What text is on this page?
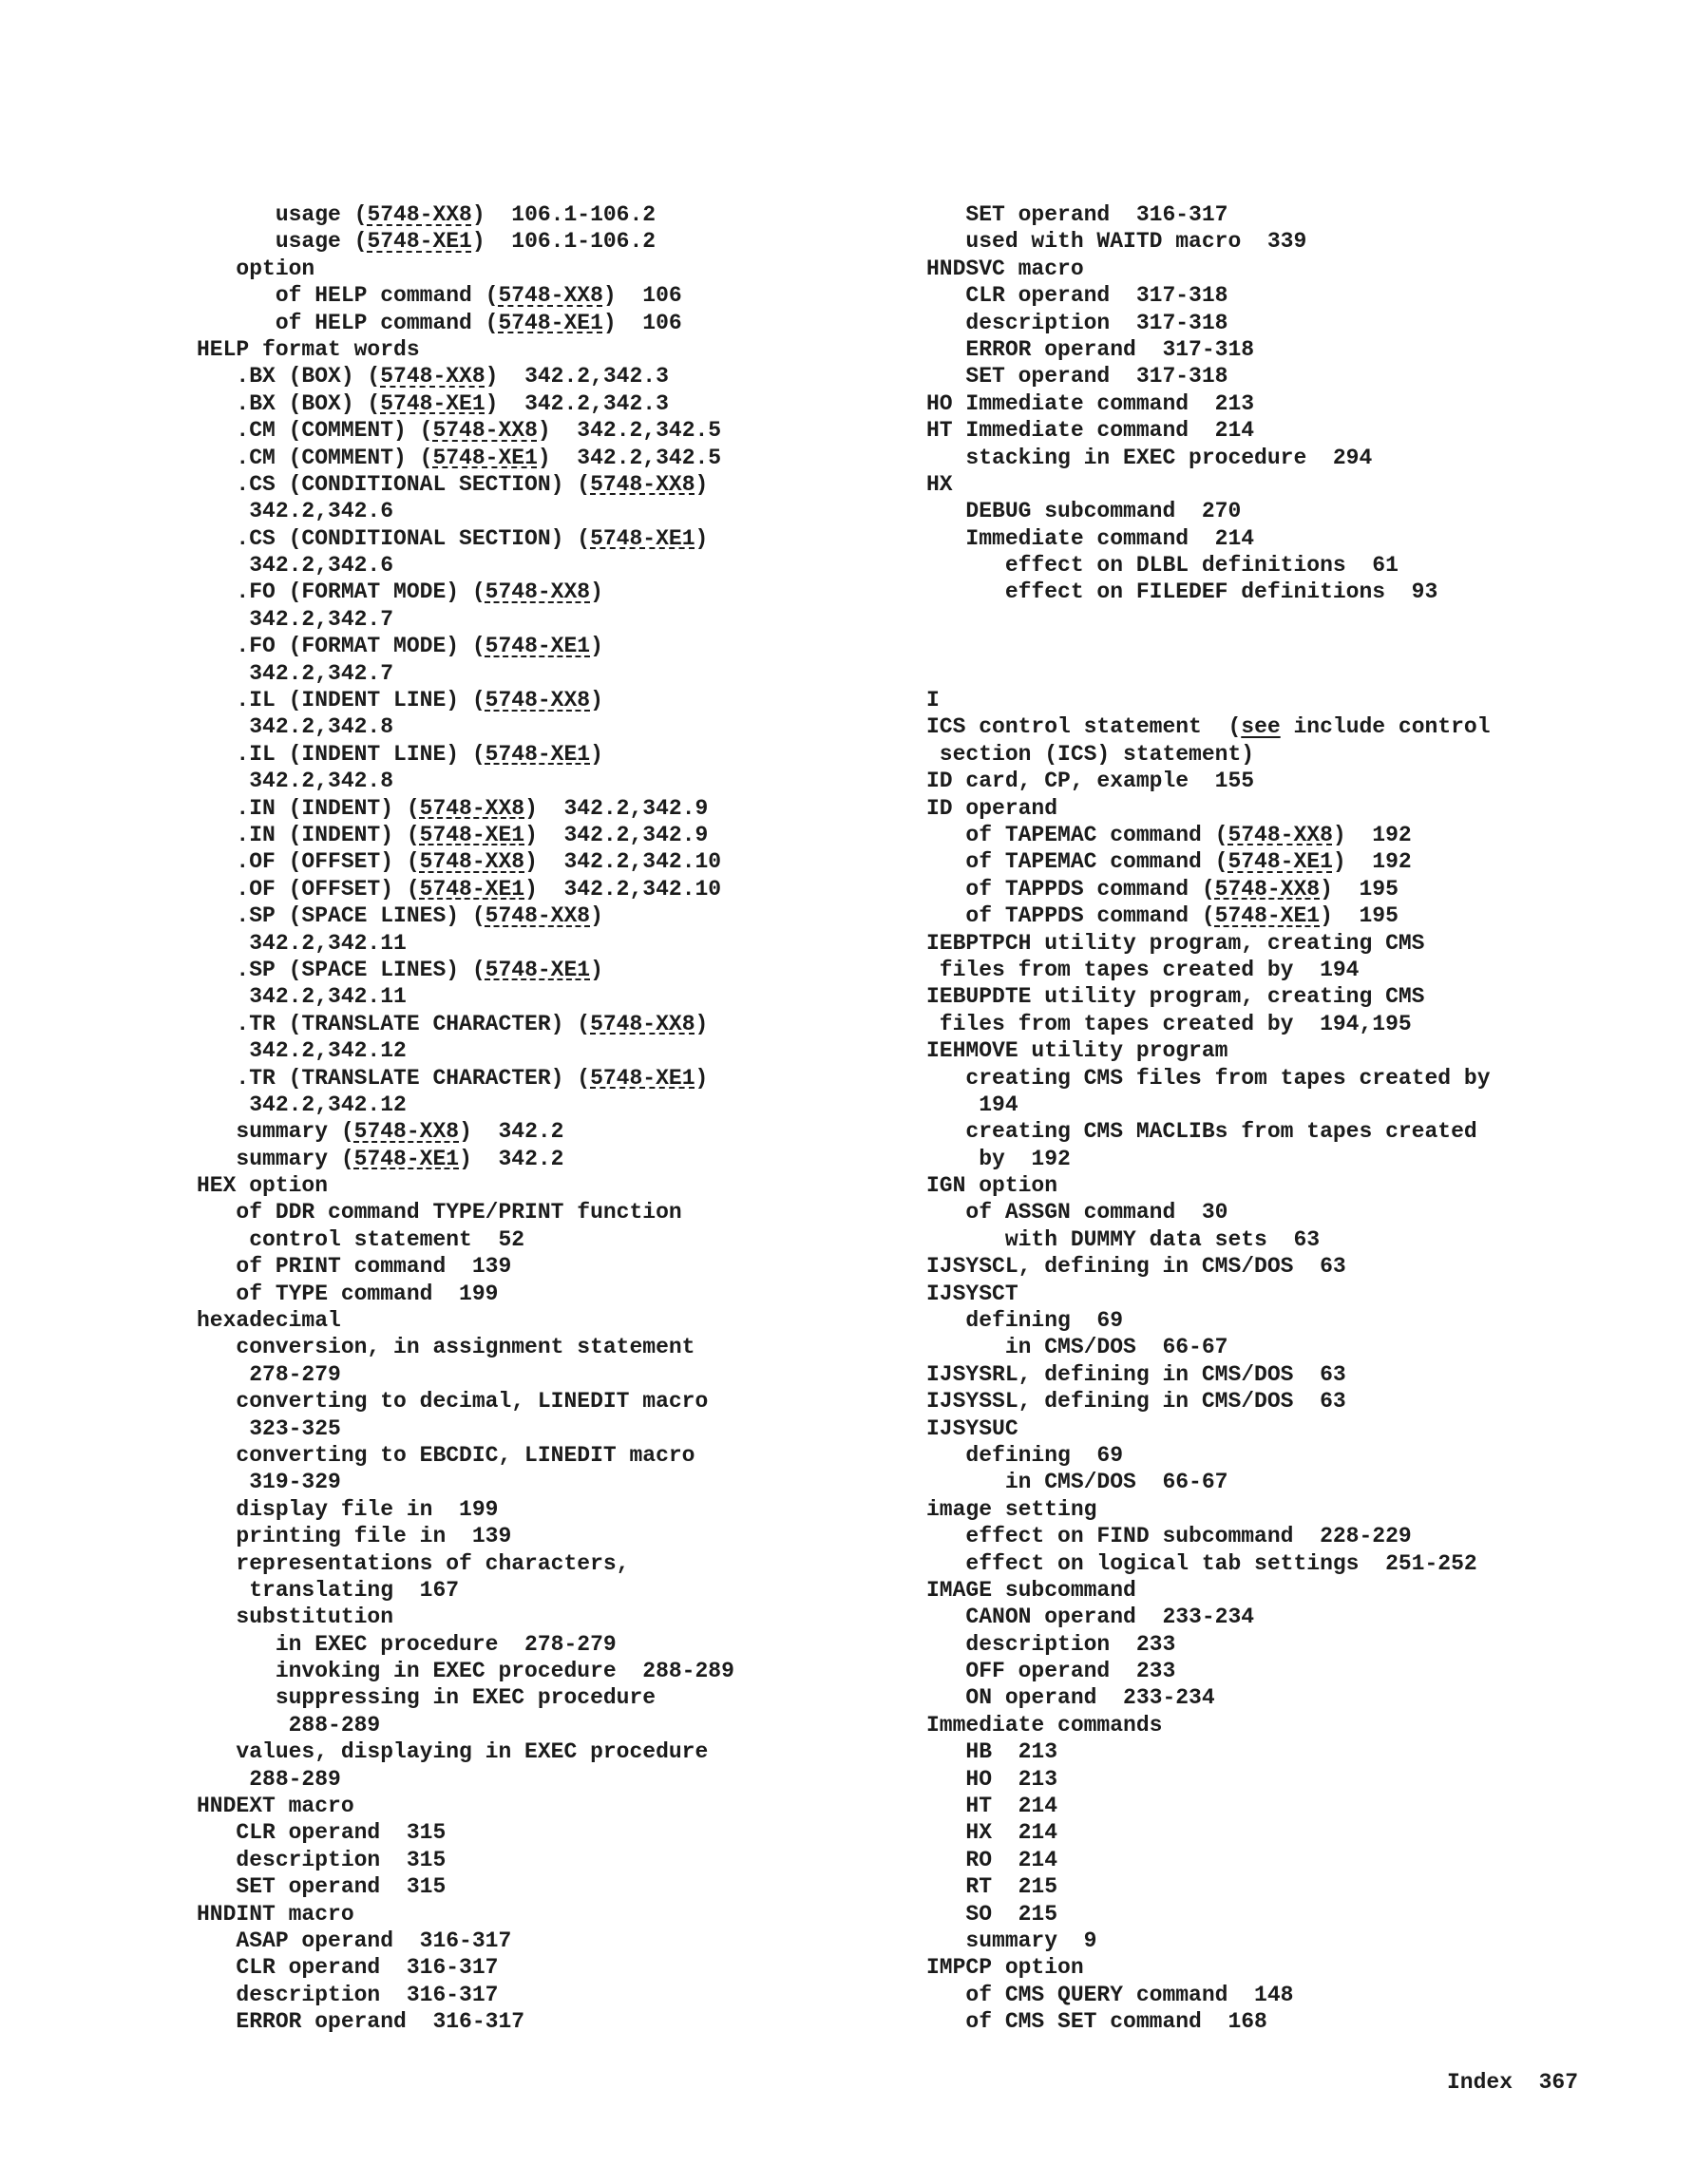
usage (5748-XX8)  106.1-106.2
usage (5748-XE1)  106.1-106.2
option
of HELP command (5748-XX8)  106
of HELP command (5748-XE1)  106
HELP format words
.BX (BOX) (5748-XX8)  342.2,342.3
.BX (BOX) (5748-XE1)  342.2,342.3
.CM (COMMENT) (5748-XX8)  342.2,342.5
.CM (COMMENT) (5748-XE1)  342.2,342.5
.CS (CONDITIONAL SECTION) (5748-XX8)
342.2,342.6
.CS (CONDITIONAL SECTION) (5748-XE1)
342.2,342.6
.FO (FORMAT MODE) (5748-XX8)
342.2,342.7
.FO (FORMAT MODE) (5748-XE1)
342.2,342.7
.IL (INDENT LINE) (5748-XX8)
342.2,342.8
.IL (INDENT LINE) (5748-XE1)
342.2,342.8
.IN (INDENT) (5748-XX8)  342.2,342.9
.IN (INDENT) (5748-XE1)  342.2,342.9
.OF (OFFSET) (5748-XX8)  342.2,342.10
.OF (OFFSET) (5748-XE1)  342.2,342.10
.SP (SPACE LINES) (5748-XX8)
342.2,342.11
.SP (SPACE LINES) (5748-XE1)
342.2,342.11
.TR (TRANSLATE CHARACTER) (5748-XX8)
342.2,342.12
.TR (TRANSLATE CHARACTER) (5748-XE1)
342.2,342.12
summary (5748-XX8)  342.2
summary (5748-XE1)  342.2
HEX option
of DDR command TYPE/PRINT function
control statement  52
of PRINT command  139
of TYPE command  199
hexadecimal
conversion, in assignment statement
278-279
converting to decimal, LINEDIT macro
323-325
converting to EBCDIC, LINEDIT macro
319-329
display file in  199
printing file in  139
representations of characters,
translating  167
substitution
in EXEC procedure  278-279
invoking in EXEC procedure  288-289
suppressing in EXEC procedure
288-289
values, displaying in EXEC procedure
288-289
HNDEXT macro
CLR operand  315
description  315
SET operand  315
HNDINT macro
ASAP operand  316-317
CLR operand  316-317
description  316-317
ERROR operand  316-317
SET operand  316-317
used with WAITD macro  339
HNDSVC macro
CLR operand  317-318
description  317-318
ERROR operand  317-318
SET operand  317-318
HO Immediate command  213
HT Immediate command  214
stacking in EXEC procedure  294
HX
DEBUG subcommand  270
Immediate command  214
effect on DLBL definitions  61
effect on FILEDEF definitions  93
I
ICS control statement  (see include control
section (ICS) statement)
ID card, CP, example  155
ID operand
of TAPEMAC command (5748-XX8)  192
of TAPEMAC command (5748-XE1)  192
of TAPPDS command (5748-XX8)  195
of TAPPDS command (5748-XE1)  195
IEBPTPCH utility program, creating CMS
files from tapes created by  194
IEBUPDTE utility program, creating CMS
files from tapes created by  194,195
IEHMOVE utility program
creating CMS files from tapes created by
194
creating CMS MACLIBs from tapes created
by  192
IGN option
of ASSGN command  30
with DUMMY data sets  63
IJSYSCL, defining in CMS/DOS  63
IJSYSCT
defining  69
in CMS/DOS  66-67
IJSYSRL, defining in CMS/DOS  63
IJSYSSL, defining in CMS/DOS  63
IJSYSUC
defining  69
in CMS/DOS  66-67
image setting
effect on FIND subcommand  228-229
effect on logical tab settings  251-252
IMAGE subcommand
CANON operand  233-234
description  233
OFF operand  233
ON operand  233-234
Immediate commands
HB  213
HO  213
HT  214
HX  214
RO  214
RT  215
SO  215
summary  9
IMPCP option
of CMS QUERY command  148
of CMS SET command  168
Index  367
